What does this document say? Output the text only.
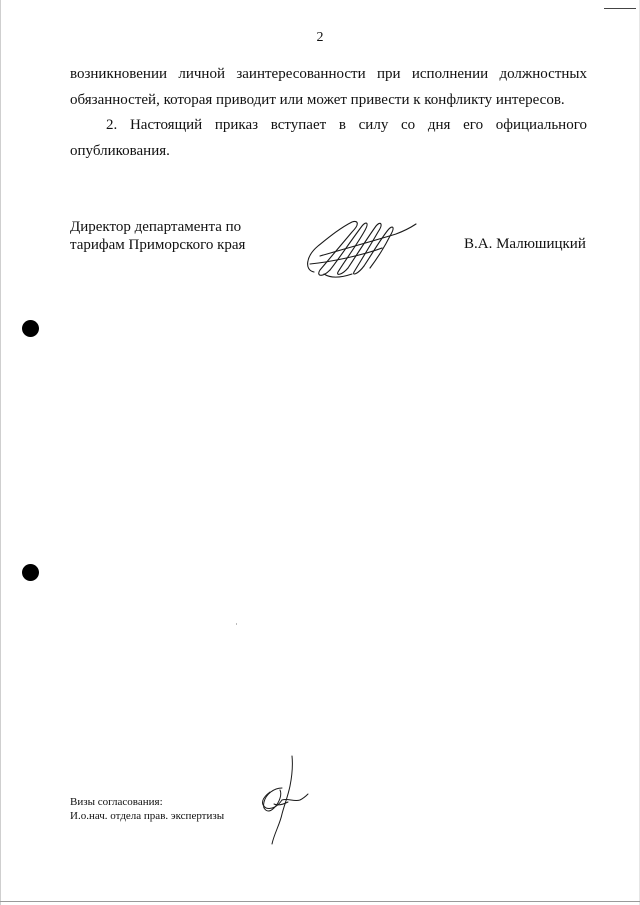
2
возникновении личной заинтересованности при исполнении должностных обязанностей, которая приводит или может привести к конфликту интересов.
2. Настоящий приказ вступает в силу со дня его официального опубликования.
Директор департамента по
тарифам Приморского края	В.А. Малюшицкий
Визы согласования:
И.о.нач. отдела прав. экспертизы
